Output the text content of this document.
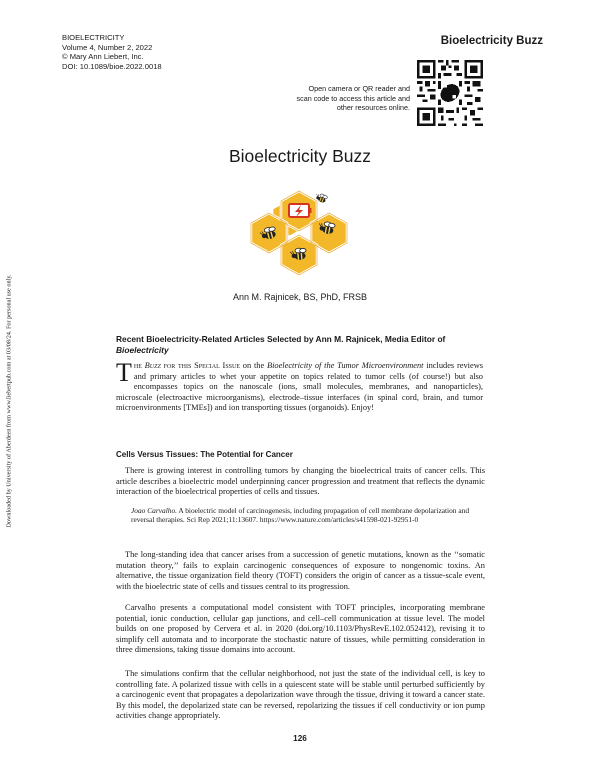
BIOELECTRICITY
Volume 4, Number 2, 2022
© Mary Ann Liebert, Inc.
DOI: 10.1089/bioe.2022.0018
Bioelectricity Buzz
Open camera or QR reader and scan code to access this article and other resources online.
Downloaded by University of Aberdeen from www.liebertpub.com at 03/08/24. For personal use only.
Bioelectricity Buzz
Ann M. Rajnicek, BS, PhD, FRSB
Recent Bioelectricity-Related Articles Selected by Ann M. Rajnicek, Media Editor of Bioelectricity
The Buzz for this Special Issue on the Bioelectricity of the Tumor Microenvironment includes reviews and primary articles to whet your appetite on topics related to tumor cells (of course!) but also encompasses topics on the nanoscale (ions, small molecules, membranes, and nanoparticles), microscale (electroactive microorganisms), electrode–tissue interfaces (in spinal cord, brain, and tumor microenvironments [TMEs]) and ion transporting tissues (organoids). Enjoy!
Cells Versus Tissues: The Potential for Cancer

There is growing interest in controlling tumors by changing the bioelectrical traits of cancer cells. This article describes a bioelectric model underpinning cancer progression and treatment that reflects the dynamic interaction of the bioelectrical properties of cells and tissues.

Joao Carvalho. A bioelectric model of carcinogenesis, including propagation of cell membrane depolarization and reversal therapies. Sci Rep 2021;11:13607. https://www.nature.com/articles/s41598-021-92951-0

The long-standing idea that cancer arises from a succession of genetic mutations, known as the ‘‘somatic mutation theory,’’ fails to explain carcinogenic consequences of exposure to nongenomic toxins. An alternative, the tissue organization field theory (TOFT) considers the origin of cancer as a tissue-scale event, with the bioelectric state of cells and tissues central to its progression.

Carvalho presents a computational model consistent with TOFT principles, incorporating membrane potential, ionic conduction, cellular gap junctions, and cell–cell communication at tissue level. The model builds on one proposed by Cervera et al. in 2020 (doi.org/10.1103/PhysRevE.102.052412), revising it to simplify cell automata and to incorporate the stochastic nature of tissues, while permitting consideration in three dimensions, taking tissue domains into account.

The simulations confirm that the cellular neighborhood, not just the state of the individual cell, is key to controlling fate. A polarized tissue with cells in a quiescent state will be stable until perturbed sufficiently by a carcinogenic event that propagates a depolarization wave through the tissue, driving it toward a cancer state. By this model, the depolarized state can be reversed, repolarizing the tissues if cell conductivity or ion pump activities change appropriately.

126
